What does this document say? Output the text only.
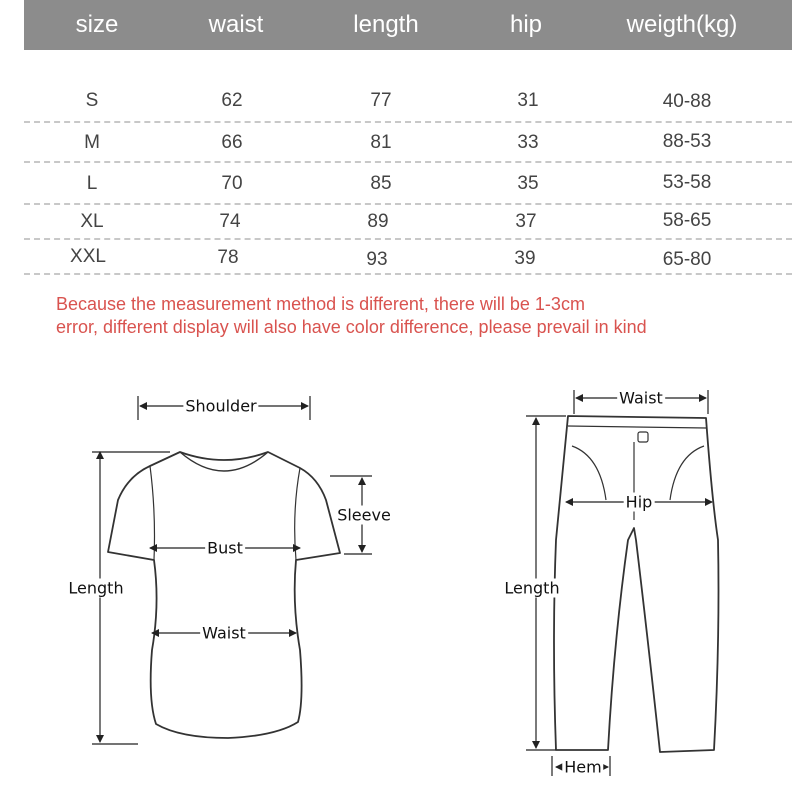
size	waist	length	hip	weigth(kg)
S	62	77	31	40-88
M	66	81	33	88-53
L	70	85	35	53-58
XL	74	89	37	58-65
XXL	78	93	39	65-80
Because the measurement method is different, there will be 1-3cm
error, different display will also have color difference, please prevail in kind
Shoulder
Sleeve
Bust
Length
Waist
Waist
Hip
Length
Hem
